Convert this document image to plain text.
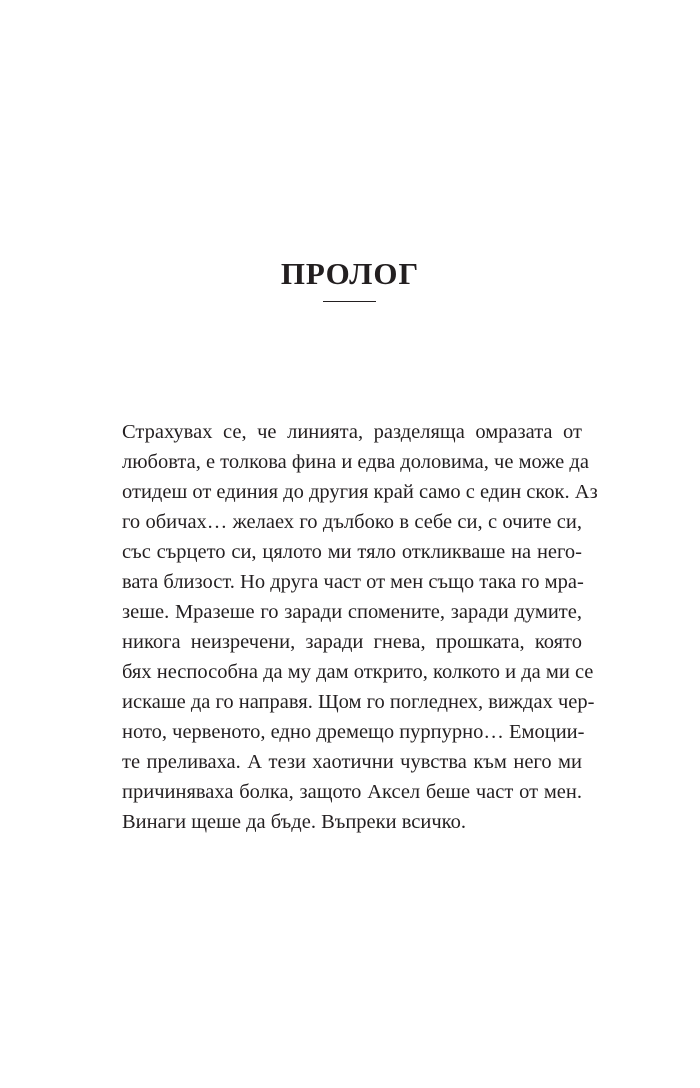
ПРОЛОГ
Страхувах се, че линията, разделяща омразата от
любовта, е толкова фина и едва доловима, че може да
отидеш от единия до другия край само с един скок. Аз
го обичах… желаех го дълбоко в себе си, с очите си,
със сърцето си, цялото ми тяло откликваше на него-
вата близост. Но друга част от мен също така го мра-
зеше. Мразеше го заради спомените, заради думите,
никога неизречени, заради гнева, прошката, която
бях неспособна да му дам открито, колкото и да ми се
искаше да го направя. Щом го погледнех, виждах чер-
ното, червеното, едно дремещо пурпурно… Емоции-
те преливаха. А тези хаотични чувства към него ми
причиняваха болка, защото Аксел беше част от мен.
Винаги щеше да бъде. Въпреки всичко.
